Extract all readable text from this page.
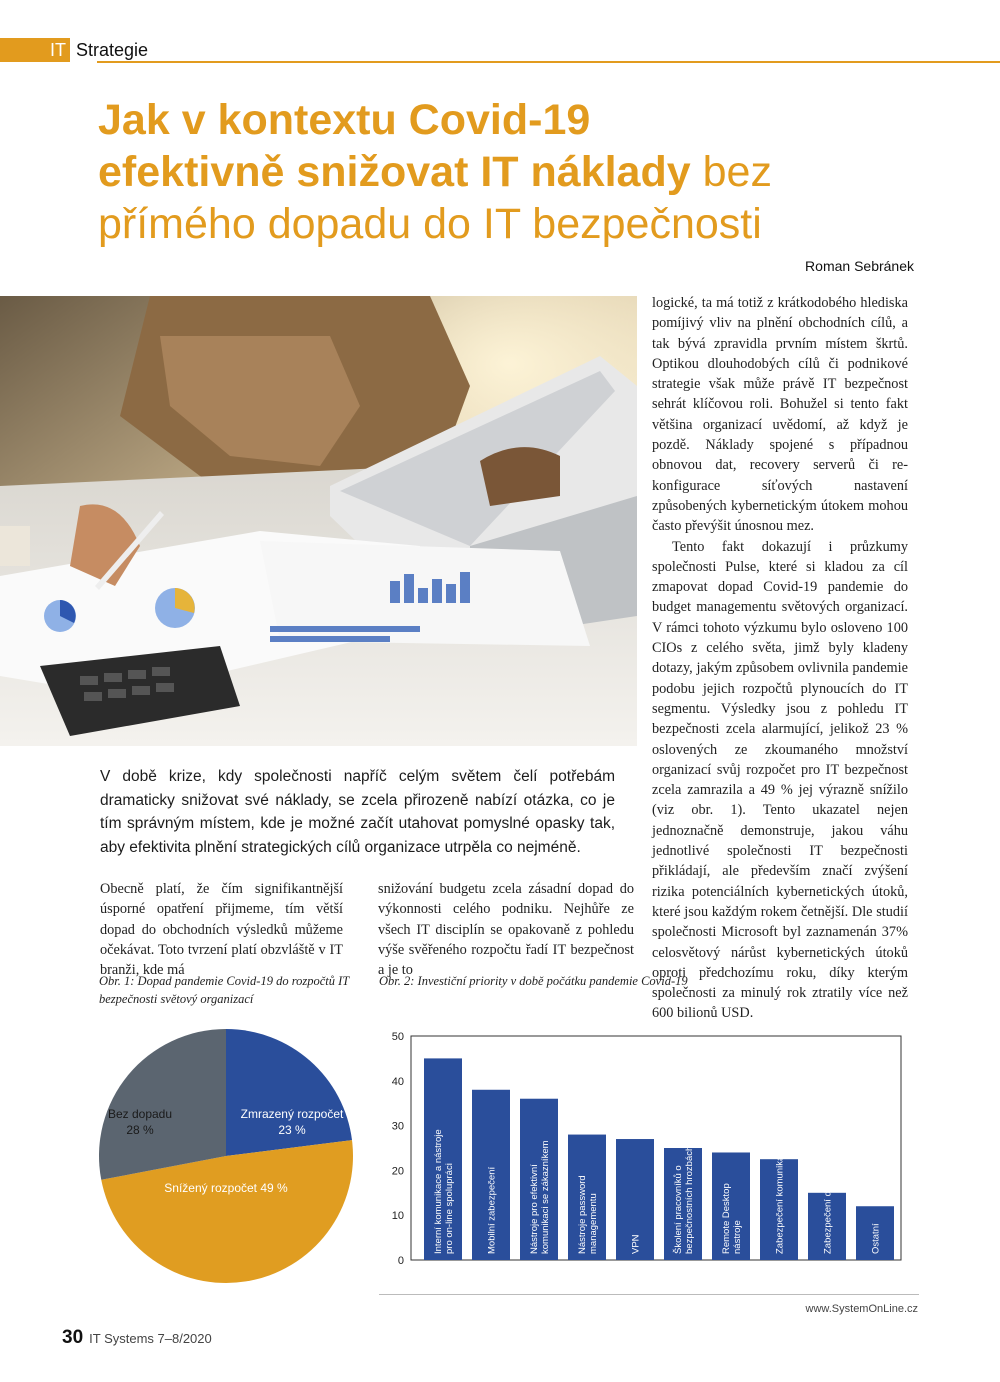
IT Strategie
Jak v kontextu Covid-19
efektivně snižovat IT náklady bez
přímého dopadu do IT bezpečnosti
Roman Sebránek

logické, ta má totiž z krátkodobého hlediska pomíjivý vliv na plnění obchodních cílů, a tak bývá zpravidla prvním místem škrtů. Optikou dlouhodobých cílů či podnikové strategie však může právě IT bezpečnost sehrát klíčovou roli. Bohužel si tento fakt většina organizací uvědomí, až když je pozdě. Náklady spojené s případnou obnovou dat, recovery serverů či re-konfigurace síťových nastavení způsobených kybernetickým útokem mohou často převýšit únosnou mez.

Tento fakt dokazují i průzkumy společnosti Pulse, které si kladou za cíl zmapovat dopad Covid-19 pandemie do budget managementu světových organizací. V rámci tohoto výzkumu bylo osloveno 100 CIOs z celého světa, jimž byly kladeny dotazy, jakým způsobem ovlivnila pandemie podobu jejich rozpočtů plynoucích do IT segmentu. Výsledky jsou z pohledu IT bezpečnosti zcela alarmující, jelikož 23 % oslovených ze zkoumaného množství organizací svůj rozpočet pro IT bezpečnost zcela zamrazila a 49 % jej výrazně snížilo (viz obr. 1). Tento ukazatel nejen jednoznačně demonstruje, jakou váhu jednotlivé společnosti IT bezpečnosti přikládají, ale především značí zvýšení rizika potenciálních kybernetických útoků, které jsou každým rokem četnější. Dle studií společnosti Microsoft byl zaznamenán 37% celosvětový nárůst kybernetických útoků oproti předchozímu roku, díky kterým společnosti za minulý rok ztratily více než 600 bilionů USD.

V době krize, kdy společnosti napříč celým světem čelí potřebám dramaticky snižovat své náklady, se zcela přirozeně nabízí otázka, co je tím správným místem, kde je možné začít utahovat pomyslné opasky tak, aby efektivita plnění strategických cílů organizace utrpěla co nejméně.

Obecně platí, že čím signifikantnější úsporné opatření přijmeme, tím větší dopad do obchodních výsledků můžeme očekávat. Toto tvrzení platí obzvláště v IT branži, kde má

snižování budgetu zcela zásadní dopad do výkonnosti celého podniku. Nejhůře ze všech IT disciplín se opakovaně z pohledu výše svěřeného rozpočtu řadí IT bezpečnost a je to

Obr. 1: Dopad pandemie Covid-19 do rozpočtů IT bezpečnosti světový organizací
Obr. 2: Investiční priority v době počátku pandemie Covid-19
Zmrazený rozpočet
23 %
Snížený rozpočet 49 %
Bez dopadu
28 %
0
10
20
30
40
50
Interní komunikace a nástroje pro on-line spolupráci	Mobilní zabezpečení	Nástroje pro efektivní komunikaci se zákazníkem	Nástroje password managementu	VPN	Školení pracovníků o bezpečnostních hrozbách	Remote Desktop nástroje	Zabezpečení komunikace	Zabezpečení dat	Ostatní
www.SystemOnLine.cz
30 IT Systems 7–8/2020
